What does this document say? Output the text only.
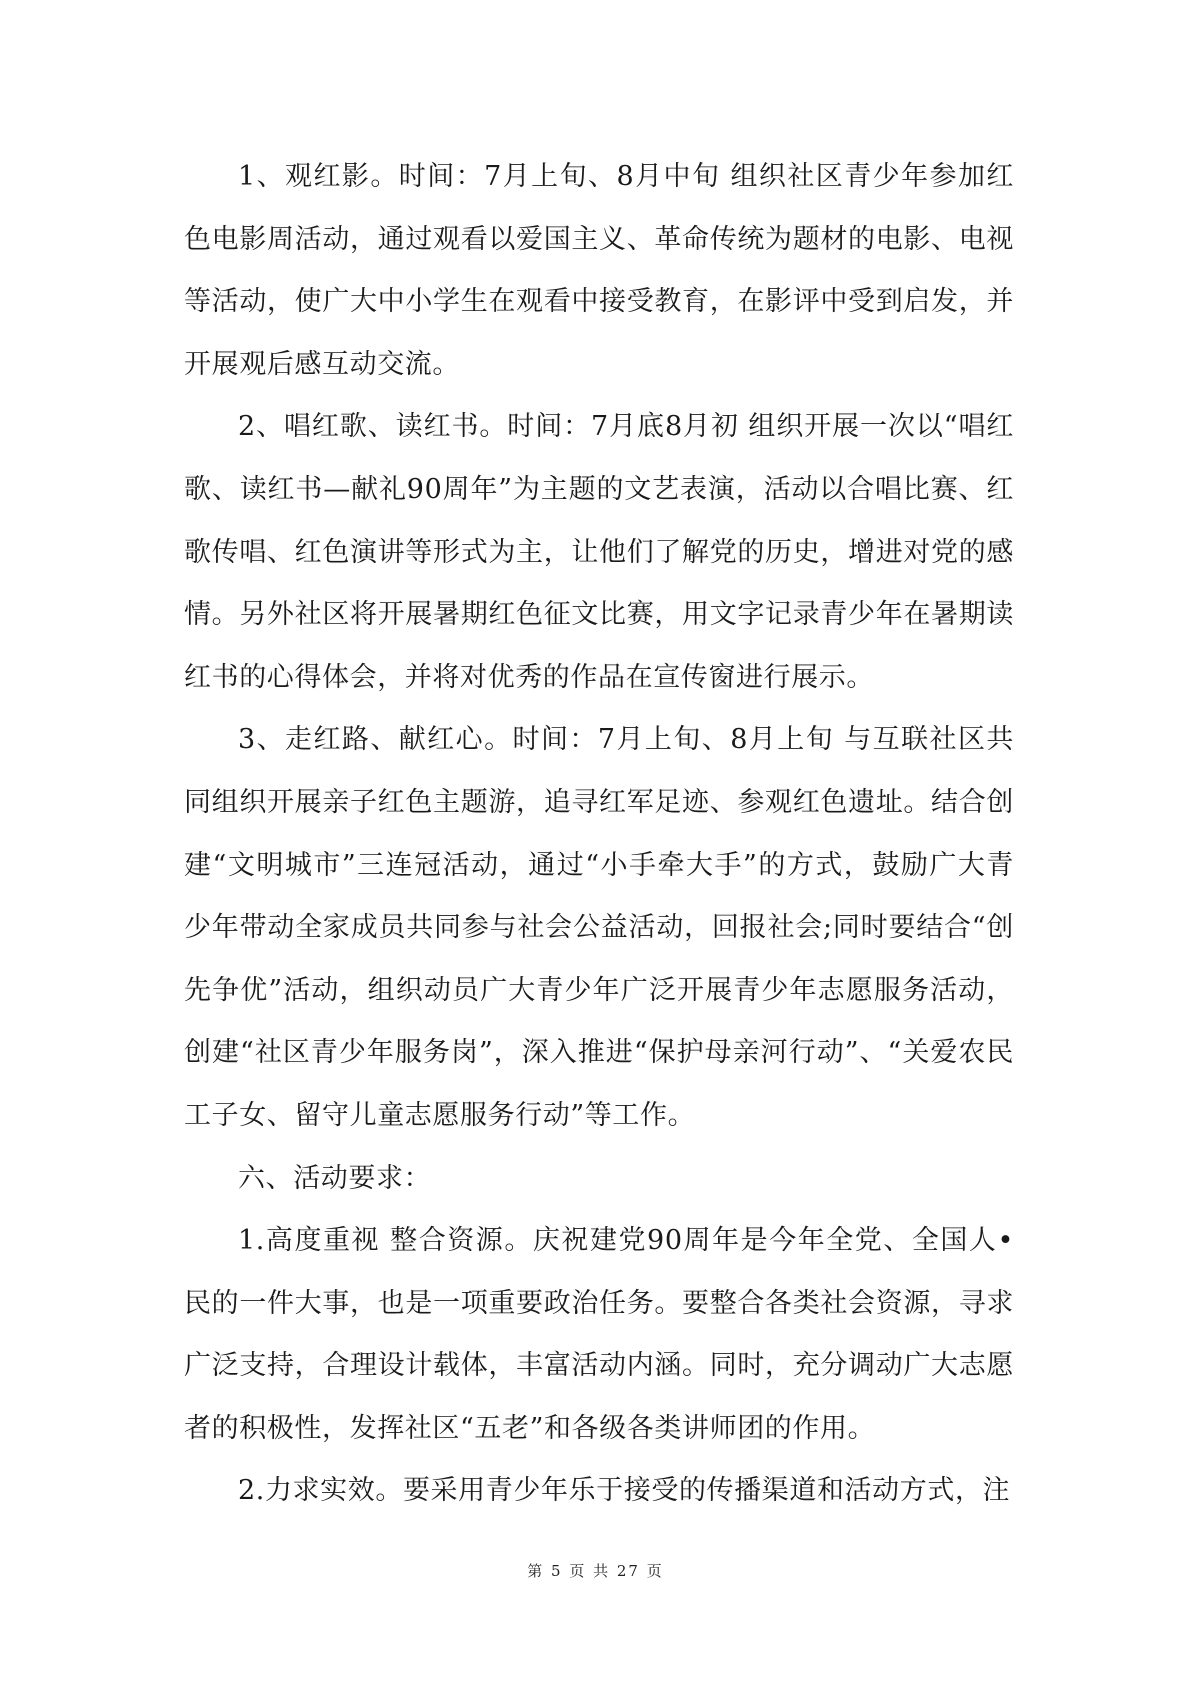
1、观红影。时间：7月上旬、8月中旬 组织社区青少年参加红色电影周活动，通过观看以爱国主义、革命传统为题材的电影、电视等活动，使广大中小学生在观看中接受教育，在影评中受到启发，并开展观后感互动交流。

2、唱红歌、读红书。时间：7月底8月初 组织开展一次以“唱红歌、读红书—献礼90周年”为主题的文艺表演，活动以合唱比赛、红歌传唱、红色演讲等形式为主，让他们了解党的历史，增进对党的感情。另外社区将开展暑期红色征文比赛，用文字记录青少年在暑期读红书的心得体会，并将对优秀的作品在宣传窗进行展示。

3、走红路、献红心。时间：7月上旬、8月上旬 与互联社区共同组织开展亲子红色主题游，追寻红军足迹、参观红色遗址。结合创建“文明城市”三连冠活动，通过“小手牵大手”的方式，鼓励广大青少年带动全家成员共同参与社会公益活动，回报社会;同时要结合“创先争优”活动，组织动员广大青少年广泛开展青少年志愿服务活动，创建“社区青少年服务岗”，深入推进“保护母亲河行动”、“关爱农民工子女、留守儿童志愿服务行动”等工作。

六、活动要求：

1.高度重视 整合资源。庆祝建党90周年是今年全党、全国人•民的一件大事，也是一项重要政治任务。要整合各类社会资源，寻求广泛支持，合理设计载体，丰富活动内涵。同时，充分调动广大志愿者的积极性，发挥社区“五老”和各级各类讲师团的作用。

2.力求实效。要采用青少年乐于接受的传播渠道和活动方式，注

第 5 页 共 27 页
